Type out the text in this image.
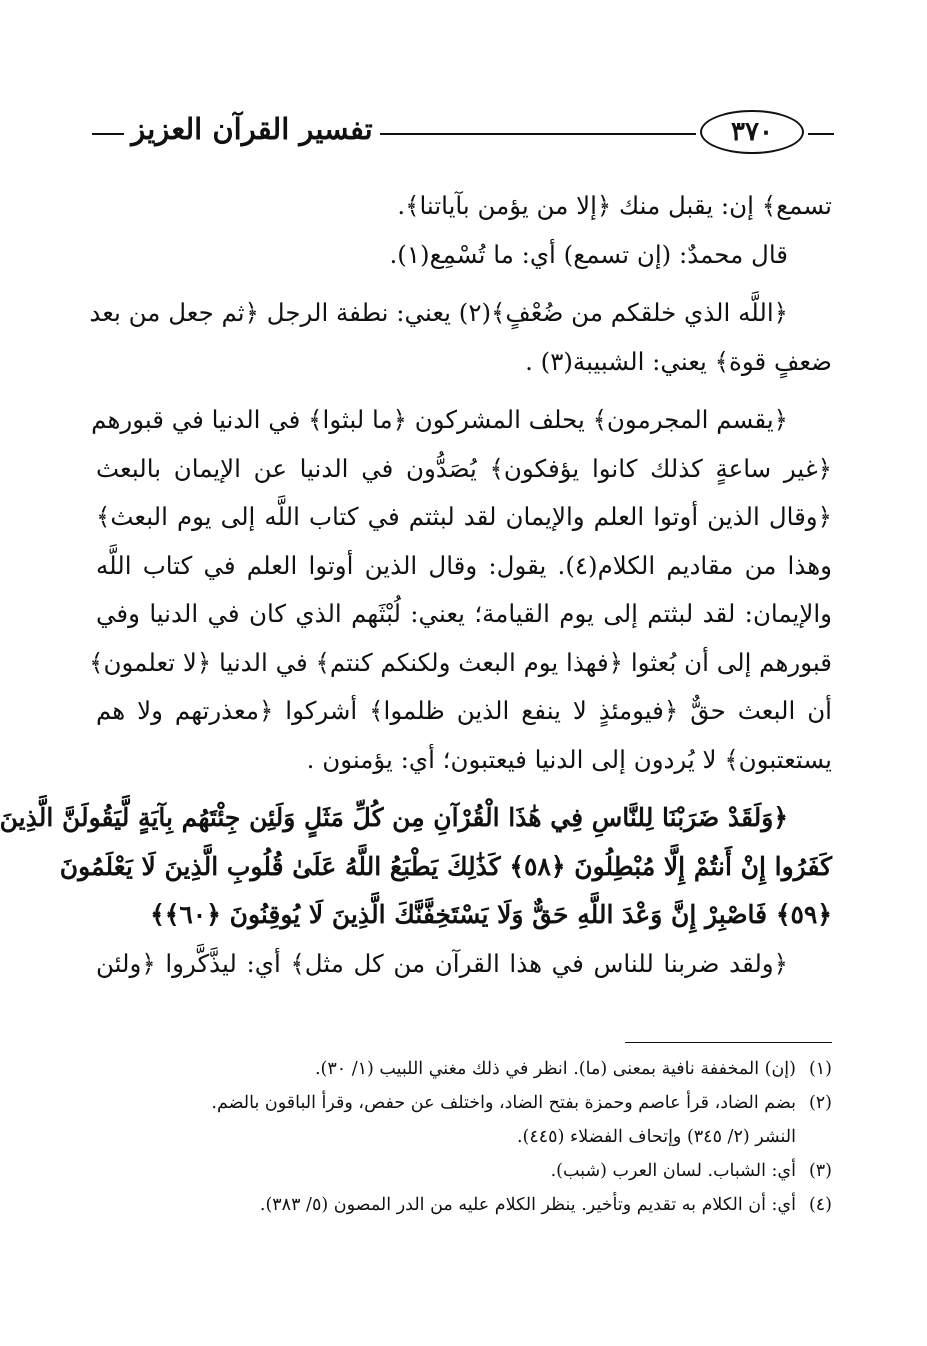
تفسير القرآن العزيز	٣٧٠
تسمع﴾ إن: يقبل منك ﴿إلا من يؤمن بآياتنا﴾.
قال محمدٌ: (إن تسمع) أي: ما تُسْمِع(١).
﴿اللَّه الذي خلقكم من ضُعْفٍ﴾(٢) يعني: نطفة الرجل ﴿ثم جعل من بعد
ضعفٍ قوة﴾ يعني: الشبيبة(٣) .
﴿يقسم المجرمون﴾ يحلف المشركون ﴿ما لبثوا﴾ في الدنيا في قبورهم
﴿غير ساعةٍ كذلك كانوا يؤفكون﴾ يُصَدُّون في الدنيا عن الإيمان بالبعث
﴿وقال الذين أوتوا العلم والإيمان لقد لبثتم في كتاب اللَّه إلى يوم البعث﴾
وهذا من مقاديم الكلام(٤). يقول: وقال الذين أوتوا العلم في كتاب اللَّه
والإيمان: لقد لبثتم إلى يوم القيامة؛ يعني: لُبْثَهم الذي كان في الدنيا وفي
قبورهم إلى أن بُعثوا ﴿فهذا يوم البعث ولكنكم كنتم﴾ في الدنيا ﴿لا تعلمون﴾
أن البعث حقٌّ ﴿فيومئذٍ لا ينفع الذين ظلموا﴾ أشركوا ﴿معذرتهم ولا هم
يستعتبون﴾ لا يُردون إلى الدنيا فيعتبون؛ أي: يؤمنون .
﴿وَلَقَدْ ضَرَبْنَا لِلنَّاسِ فِي هَٰذَا الْقُرْآنِ مِن كُلِّ مَثَلٍ وَلَئِن جِئْتَهُم بِآيَةٍ لَّيَقُولَنَّ الَّذِينَ
كَفَرُوا إِنْ أَنتُمْ إِلَّا مُبْطِلُونَ ﴿٥٨﴾ كَذَٰلِكَ يَطْبَعُ اللَّهُ عَلَىٰ قُلُوبِ الَّذِينَ لَا يَعْلَمُونَ
﴿٥٩﴾ فَاصْبِرْ إِنَّ وَعْدَ اللَّهِ حَقٌّ وَلَا يَسْتَخِفَّنَّكَ الَّذِينَ لَا يُوقِنُونَ ﴿٦٠﴾﴾
﴿ولقد ضربنا للناس في هذا القرآن من كل مثل﴾ أي: ليذَّكَّروا ﴿ولئن
(١)(إن) المخففة نافية بمعنى (ما). انظر في ذلك مغني اللبيب (١/ ٣٠).
(٢)بضم الضاد، قرأ عاصم وحمزة بفتح الضاد، واختلف عن حفص، وقرأ الباقون بالضم.
النشر (٢/ ٣٤٥) وإتحاف الفضلاء (٤٤٥).
(٣)أي: الشباب. لسان العرب (شبب).
(٤)أي: أن الكلام به تقديم وتأخير. ينظر الكلام عليه من الدر المصون (٥/ ٣٨٣).
